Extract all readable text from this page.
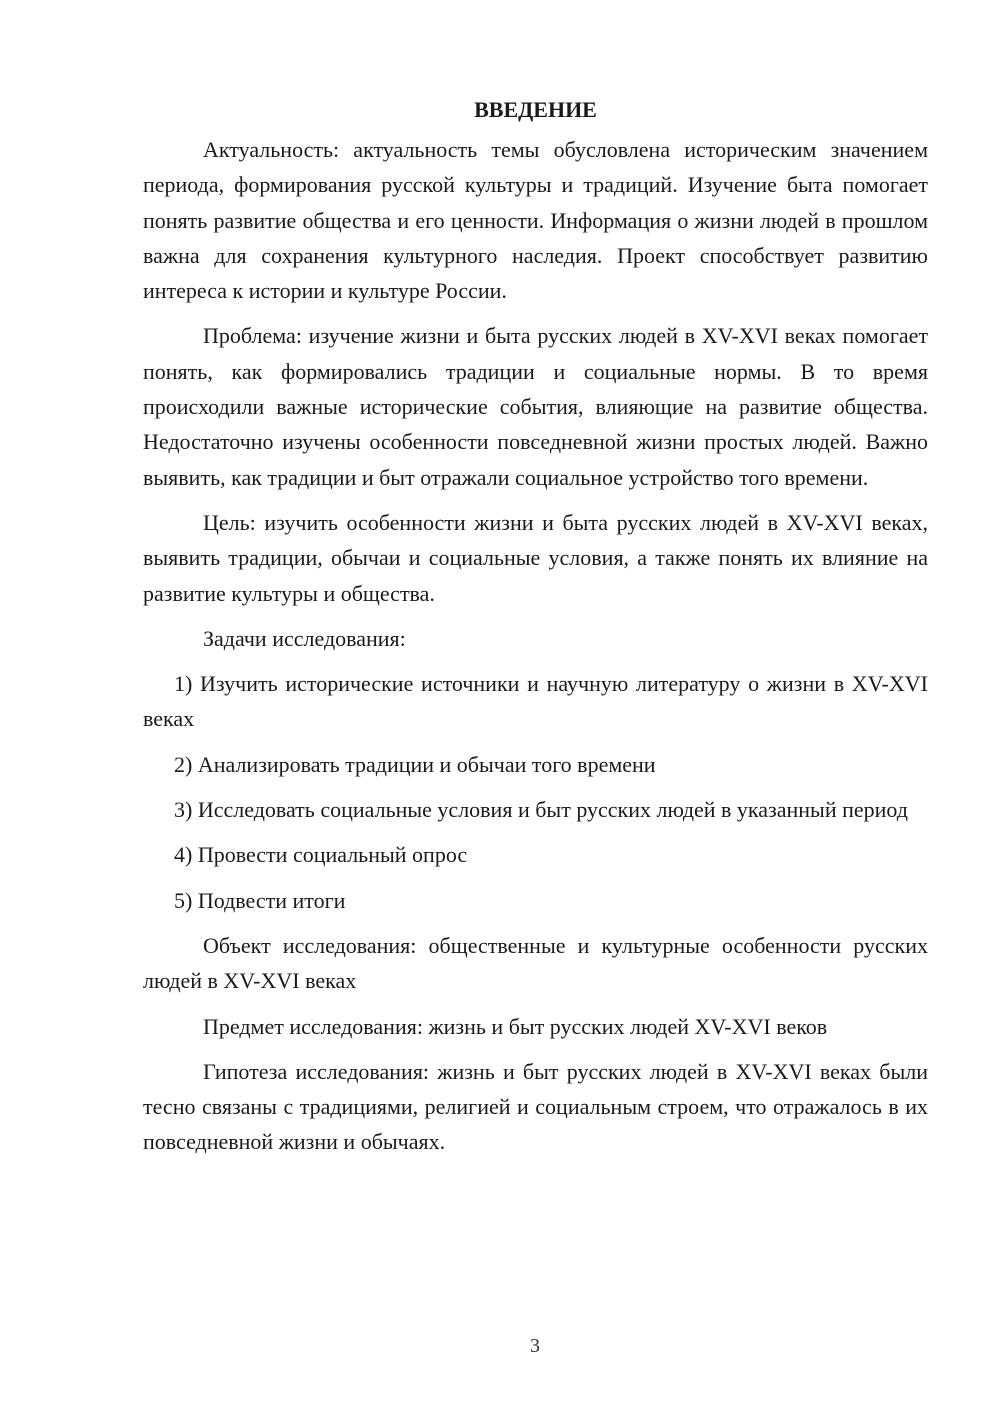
ВВЕДЕНИЕ

Актуальность: актуальность темы обусловлена историческим значением периода, формирования русской культуры и традиций. Изучение быта помогает понять развитие общества и его ценности. Информация о жизни людей в прошлом важна для сохранения культурного наследия. Проект способствует развитию интереса к истории и культуре России.

Проблема: изучение жизни и быта русских людей в XV-XVI веках помогает понять, как формировались традиции и социальные нормы. В то время происходили важные исторические события, влияющие на развитие общества. Недостаточно изучены особенности повседневной жизни простых людей. Важно выявить, как традиции и быт отражали социальное устройство того времени.

Цель: изучить особенности жизни и быта русских людей в XV-XVI веках, выявить традиции, обычаи и социальные условия, а также понять их влияние на развитие культуры и общества.

Задачи исследования:

1) Изучить исторические источники и научную литературу о жизни в XV-XVI веках

2) Анализировать традиции и обычаи того времени

3) Исследовать социальные условия и быт русских людей в указанный период

4) Провести социальный опрос

5) Подвести итоги

Объект исследования: общественные и культурные особенности русских людей в XV-XVI веках

Предмет исследования: жизнь и быт русских людей XV-XVI веков

Гипотеза исследования: жизнь и быт русских людей в XV-XVI веках были тесно связаны с традициями, религией и социальным строем, что отражалось в их повседневной жизни и обычаях.

3
